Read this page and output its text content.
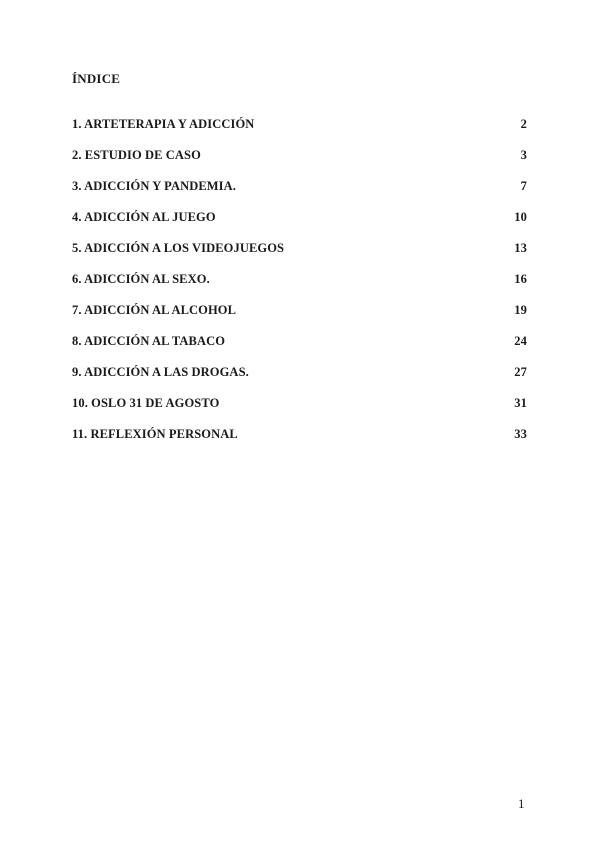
ÍNDICE
1. ARTETERAPIA Y ADICCIÓN	2
2. ESTUDIO DE CASO	3
3. ADICCIÓN Y PANDEMIA.	7
4. ADICCIÓN AL JUEGO	10
5. ADICCIÓN A LOS VIDEOJUEGOS	13
6. ADICCIÓN AL SEXO.	16
7. ADICCIÓN AL ALCOHOL	19
8. ADICCIÓN AL TABACO	24
9. ADICCIÓN A LAS DROGAS.	27
10. OSLO 31 DE AGOSTO	31
11. REFLEXIÓN PERSONAL	33
1
